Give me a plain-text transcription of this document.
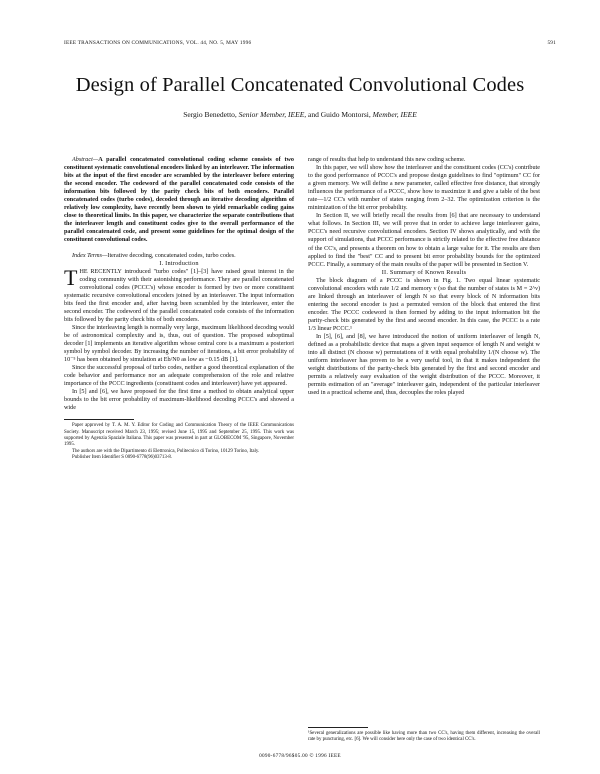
IEEE TRANSACTIONS ON COMMUNICATIONS, VOL. 44, NO. 5, MAY 1996	591
Design of Parallel Concatenated Convolutional Codes
Sergio Benedetto, Senior Member, IEEE, and Guido Montorsi, Member, IEEE

Abstract—A parallel concatenated convolutional coding scheme consists of two constituent systematic convolutional encoders linked by an interleaver. The information bits at the input of the first encoder are scrambled by the interleaver before entering the second encoder. The codeword of the parallel concatenated code consists of the information bits followed by the parity check bits of both encoders. Parallel concatenated codes (turbo codes), decoded through an iterative decoding algorithm of relatively low complexity, have recently been shown to yield remarkable coding gains close to theoretical limits. In this paper, we characterize the separate contributions that the interleaver length and constituent codes give to the overall performance of the parallel concatenated code, and present some guidelines for the optimal design of the constituent convolutional codes.

Index Terms—Iterative decoding, concatenated codes, turbo codes.

I. Introduction

THE RECENTLY introduced "turbo codes" [1]–[3] have raised great interest in the coding community with their astonishing performance. They are parallel concatenated convolutional codes (PCCC's) whose encoder is formed by two or more constituent systematic recursive convolutional encoders joined by an interleaver. The input information bits feed the first encoder and, after having been scrambled by the interleaver, enter the second encoder. The codeword of the parallel concatenated code consists of the information bits followed by the parity check bits of both encoders.

Since the interleaving length is normally very large, maximum likelihood decoding would be of astronomical complexity and is, thus, out of question. The proposed suboptimal decoder [1] implements an iterative algorithm whose central core is a maximum a posteriori symbol by symbol decoder. By increasing the number of iterations, a bit error probability of 10⁻⁵ has been obtained by simulation at Eb/N0 as low as −0.15 dB [1].

Since the successful proposal of turbo codes, neither a good theoretical explanation of the code behavior and performance nor an adequate comprehension of the role and relative importance of the PCCC ingredients (constituent codes and interleaver) have yet appeared.

In [5] and [6], we have proposed for the first time a method to obtain analytical upper bounds to the bit error probability of maximum-likelihood decoding PCCC's and showed a wide

Paper approved by T. A. M. Y. Editor for Coding and Communication Theory of the IEEE Communications Society. Manuscript received March 23, 1995; revised June 15, 1995 and September 25, 1995. This work was supported by Agenzia Spaziale Italiana. This paper was presented in part at GLOBECOM '95, Singapore, November 1995.

The authors are with the Dipartimento di Elettronica, Politecnico di Torino, 10129 Torino, Italy.

Publisher Item Identifier S 0090-6778(96)03713-8.

range of results that help to understand this new coding scheme.

In this paper, we will show how the interleaver and the constituent codes (CC's) contribute to the good performance of PCCC's and propose design guidelines to find "optimum" CC for a given memory. We will define a new parameter, called effective free distance, that strongly influences the performance of a PCCC, show how to maximize it and give a table of the best rate—1/2 CC's with number of states ranging from 2–32. The optimization criterion is the minimization of the bit error probability.

In Section II, we will briefly recall the results from [6] that are necessary to understand what follows. In Section III, we will prove that in order to achieve large interleaver gains, PCCC's need recursive convolutional encoders. Section IV shows analytically, and with the support of simulations, that PCCC performance is strictly related to the effective free distance of the CC's, and presents a theorem on how to obtain a large value for it. The results are then applied to find the "best" CC and to present bit error probability bounds for the optimized PCCC. Finally, a summary of the main results of the paper will be presented in Section V.

II. Summary of Known Results

The block diagram of a PCCC is shown in Fig. 1. Two equal linear systematic convolutional encoders with rate 1/2 and memory ν (so that the number of states is M = 2^ν) are linked through an interleaver of length N so that every block of N information bits entering the second encoder is just a permuted version of the block that entered the first encoder. The PCCC codeword is then formed by adding to the input information bit the parity-check bits generated by the first and second encoder. In this case, the PCCC is a rate 1/3 linear PCCC.¹

In [5], [6], and [8], we have introduced the notion of uniform interleaver of length N, defined as a probabilistic device that maps a given input sequence of length N and weight w into all distinct (N choose w) permutations of it with equal probability 1/(N choose w). The uniform interleaver has proven to be a very useful tool, in that it makes independent the weight distributions of the parity-check bits generated by the first and second encoder and permits a relatively easy evaluation of the weight distribution of the PCCC. Moreover, it permits estimation of an "average" interleaver gain, independent of the particular interleaver used in a practical scheme and, thus, decouples the roles played

¹Several generalizations are possible like having more than two CC's, having them different, increasing the overall rate by puncturing, etc. [6]. We will consider here only the case of two identical CC's.
0090-6778/96$05.00 © 1996 IEEE
